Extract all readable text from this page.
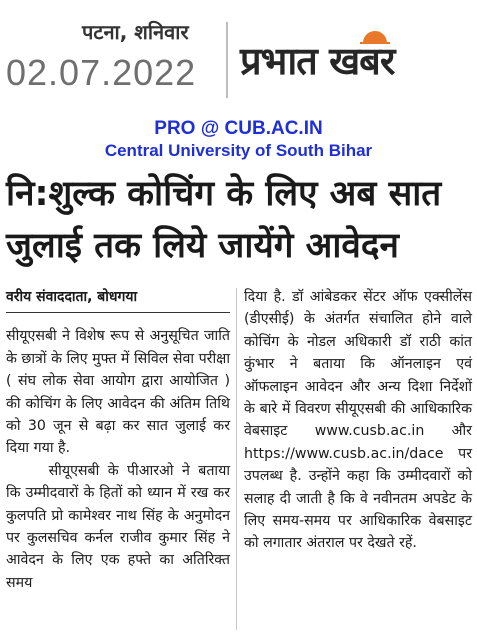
पटना, शनिवार
02.07.2022 प्रभात खबर
PRO @ CUB.AC.IN
Central University of South Bihar
नि:शुल्क कोचिंग के लिए अब सात
जुलाई तक लिये जायेंगे आवेदन
वरीय संवाददाता, बोधगया

सीयूएसबी ने विशेष रूप से अनुसूचित जाति के छात्रों के लिए मुफ्त में सिविल सेवा परीक्षा ( संघ लोक सेवा आयोग द्वारा आयोजित ) की कोचिंग के लिए आवेदन की अंतिम तिथि को 30 जून से बढ़ा कर सात जुलाई कर दिया गया है.

सीयूएसबी के पीआरओ ने बताया कि उम्मीदवारों के हितों को ध्यान में रख कर कुलपति प्रो कामेश्वर नाथ सिंह के अनुमोदन पर कुलसचिव कर्नल राजीव कुमार सिंह ने आवेदन के लिए एक हफ्ते का अतिरिक्त समय

दिया है. डॉ आंबेडकर सेंटर ऑफ एक्सीलेंस (डीएसीई) के अंतर्गत संचालित होने वाले कोचिंग के नोडल अधिकारी डॉ राठी कांत कुंभार ने बताया कि ऑनलाइन एवं ऑफलाइन आवेदन और अन्य दिशा निर्देशों के बारे में विवरण सीयूएसबी की आधिकारिक वेबसाइट www.cusb.ac.in और https://www.cusb.ac.in/dace पर उपलब्ध है. उन्होंने कहा कि उम्मीदवारों को सलाह दी जाती है कि वे नवीनतम अपडेट के लिए समय-समय पर आधिकारिक वेबसाइट को लगातार अंतराल पर देखते रहें.
